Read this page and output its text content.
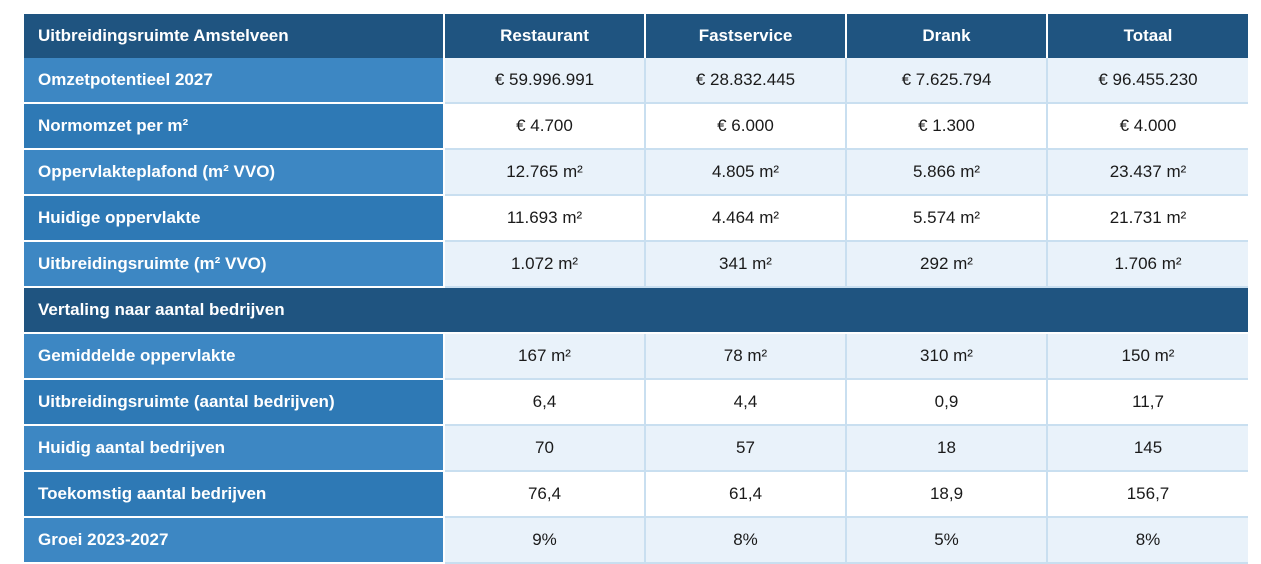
Uitbreidingsruimte Amstelveen	Restaurant	Fastservice	Drank	Totaal
Omzetpotentieel 2027	€ 59.996.991	€ 28.832.445	€ 7.625.794	€ 96.455.230
Normomzet per m²	€ 4.700	€ 6.000	€ 1.300	€ 4.000
Oppervlakteplafond (m² VVO)	12.765 m²	4.805 m²	5.866 m²	23.437 m²
Huidige oppervlakte	11.693 m²	4.464 m²	5.574 m²	21.731 m²
Uitbreidingsruimte (m² VVO)	1.072 m²	341 m²	292 m²	1.706 m²
Vertaling naar aantal bedrijven				
Gemiddelde oppervlakte	167 m²	78 m²	310 m²	150 m²
Uitbreidingsruimte (aantal bedrijven)	6,4	4,4	0,9	11,7
Huidig aantal bedrijven	70	57	18	145
Toekomstig aantal bedrijven	76,4	61,4	18,9	156,7
Groei 2023-2027	9%	8%	5%	8%
